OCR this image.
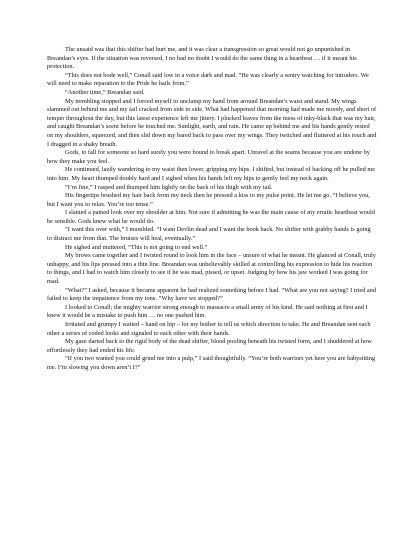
The unsaid was that this shifter had hurt me, and it was clear a transgression so great would not go unpunished in Breandan’s eyes. If the situation was reversed, I no had no doubt I would do the same thing in a heartbeat … if it meant his protection.

“This does not bode well,” Conall said low in a voice dark and mad. “He was clearly a sentry watching for intruders. We will need to make reparation to the Pride he hails from.”

“Another time,” Breandan said.

My trembling stopped and I forced myself to unclamp my hand from around Breandan’s waist and stand. My wings slammed out behind me and my tail cracked from side to side. What had happened that morning had made me moody, and short of temper throughout the day, but this latest experience left me jittery. I plucked leaves from the mess of inky-black that was my hair, and caught Breandan’s scent before he touched me. Sunlight, earth, and rain. He came up behind me and his hands gently rested on my shoulders, squeezed, and then slid down my bared back to pass over my wings. They twitched and fluttered at his touch and I dragged in a shaky breath.

Gods, to fall for someone so hard surely you were bound to break apart. Unravel at the seams because you are undone by how they make you feel.

He continued, lazily wandering to my waist then lower, gripping my hips. I shifted, but instead of backing off he pulled me into him. My heart thumped doubly hard and I sighed when his hands left my hips to gently feel my neck again.

“I’m fine,” I rasped and thumped him lightly on the back of his thigh with my tail.

His fingertips brushed my hair back from my neck then he pressed a kiss to my pulse point. He let me go. “I believe you, but I want you to relax. You’re too tense.”

I slanted a pained look over my shoulder at him. Not sure if admitting he was the main cause of my erratic heartbeat would be sensible. Gods knew what he would do.

“I want this over with,” I mumbled. “I want Devlin dead and I want the book back. No shifter with grabby hands is going to distract me from that. The bruises will heal, eventually.”

He sighed and muttered, “This is not going to end well.”

My brows came together and I twisted round to look him in the face – unsure of what he meant. He glanced at Conall, truly unhappy, and his lips pressed into a thin line. Breandan was unbelievably skilled at controlling his expression to hide his reaction to things, and I had to watch him closely to see if he was mad, pissed, or upset. Judging by how his jaw worked I was going for mad.

“What?” I asked, because it became apparent he had realized something before I had. “What are you not saying? I tried and failed to keep the impatience from my tone. “Why have we stopped?”

I looked to Conall; the mighty warrior strong enough to massacre a small army of his kind. He said nothing at first and I knew it would be a mistake to push him … no one pushed him.

Irritated and grumpy I waited – hand on hip – for my bother to tell us which direction to take. He and Breandan sent each other a series of coded looks and signaled to each other with their hands.

My gaze darted back to the rigid body of the dead shifter, blood pooling beneath his twisted form, and I shuddered at how effortlessly they had ended his life.

“If you two wanted you could grind me into a pulp,” I said thoughtfully. “You’re both warriors yet here you are babysitting me. I’m slowing you down aren’t I?”
